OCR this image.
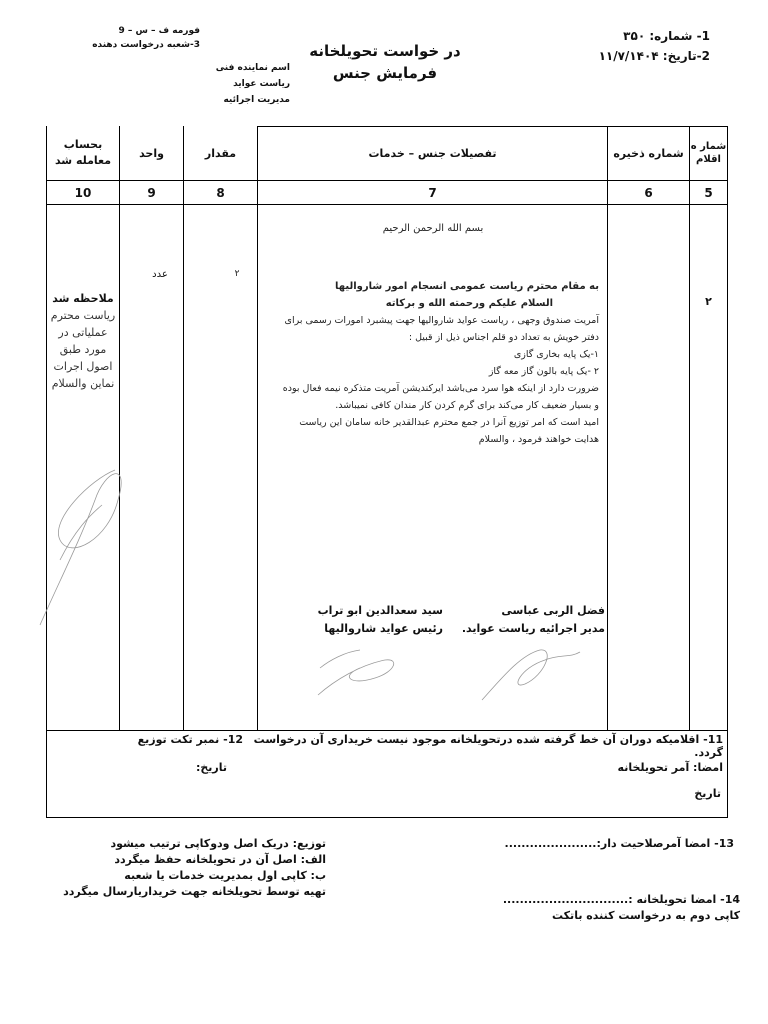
فورمه ف – س – 9
3-شعبه درخواست دهنده
اسم نماینده فنی
ریاست عواید
مدیریت اجرائیه
در خواست تحویلخانه
فرمایش جنس
1- شماره: ۳۵۰
2-تاریخ: ۱۱/۷/۱۴۰۴
شمار ه اقلام
شماره ذخیره
تفصیلات جنس – خدمات
مقدار
واحد
بحساب معامله شد
5
6
7
8
9
10
۲
۲
عدد
ملاحظه شد
ریاست محترم عملیاتی در مورد طبق اصول اجرات نماین والسلام
بسم الله الرحمن الرحیم
به مقام محترم ریاست عمومی انسجام امور شاروالیها
السلام علیکم ورحمته الله و برکاته
آمریت صندوق وجهی ، ریاست عواید شاروالیها جهت پیشبرد امورات رسمی برای
دفتر خویش به تعداد دو قلم اجناس ذیل از قبیل :
۱-یک پایه بخاری گازی
۲ -یک پایه بالون گاز معه گاز
ضرورت دارد از اینکه هوا سرد می‌باشد ایرکندیشن آمریت متذکره نیمه فعال بوده
و بسیار ضعیف کار می‌کند برای گرم کردن کار مندان کافی نمیباشد.
امید است که امر توزیع آنرا در جمع محترم عبدالقدیر خانه سامان این ریاست
هدایت خواهند فرمود ، والسلام
فضل الربی عباسی
مدیر اجرائیه ریاست عواید.
سید سعدالدین ابو تراب
رئیس عواید شاروالیها
11- اقلامیکه دوران آن خط گرفته شده درتحویلخانه موجود نیست خریداری آن درخواست گردد.
12- نمبر تکت توزیع
تاریخ:	امضا: آمر تحویلخانه
تاریخ
13- امضا آمرصلاحیت دار:......................
14- امضا تحویلخانه :..............................
کاپی دوم به درخواست کننده باتکت
توزیع: دریک اصل ودوکاپی ترتیب میشود
الف: اصل آن در تحویلخانه حفظ میگردد
ب: کاپی اول بمدیریت خدمات یا شعبه
تهیه توسط تحویلخانه جهت خریداریارسال میگردد
